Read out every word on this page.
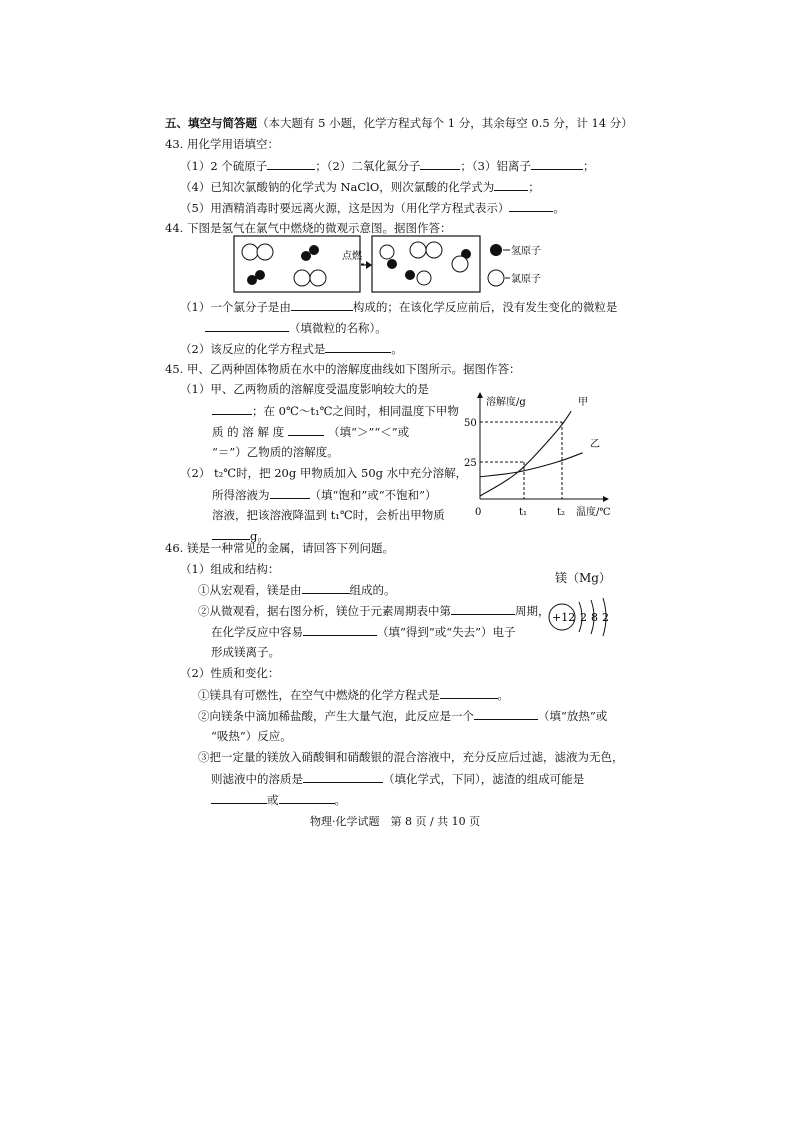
五、填空与简答题（本大题有 5 小题，化学方程式每个 1 分，其余每空 0.5 分，计 14 分）
43. 用化学用语填空：
（1）2 个硫原子	；（2）二氧化氮分子	；（3）铝离子	；
（4）已知次氯酸钠的化学式为 NaClO，则次氯酸的化学式为	；
（5）用酒精消毒时要远离火源，这是因为（用化学方程式表示）	。
44. 下图是氢气在氯气中燃烧的微观示意图。据图作答：
点燃	氢原子
氯原子
（1）一个氯分子是由	构成的；在该化学反应前后，没有发生变化的微粒是
（填微粒的名称）。
（2）该反应的化学方程式是	。
45. 甲、乙两种固体物质在水中的溶解度曲线如下图所示。据图作答：
（1）甲、乙两物质的溶解度受温度影响较大的是
；在 0℃～t₁℃之间时，相同温度下甲物
质 的 溶 解 度	（填“＞”“＜”或
“＝”）乙物质的溶解度。
（2） t₂℃时，把 20g 甲物质加入 50g 水中充分溶解，
所得溶液为	（填“饱和”或“不饱和”）
溶液，把该溶液降温到 t₁℃时，会析出甲物质
g。
溶解度/g
温度/℃
0
50
25
t₁	t₂
甲
乙
46. 镁是一种常见的金属，请回答下列问题。
（1）组成和结构：
①从宏观看，镁是由	组成的。
②从微观看，据右图分析，镁位于元素周期表中第	周期，
在化学反应中容易	（填“得到”或“失去”）电子
形成镁离子。
镁（Mg）
+12 2 8 2
（2）性质和变化：
①镁具有可燃性，在空气中燃烧的化学方程式是	。
②向镁条中滴加稀盐酸，产生大量气泡，此反应是一个	（填“放热”或
“吸热”）反应。
③把一定量的镁放入硝酸铜和硝酸银的混合溶液中，充分反应后过滤，滤液为无色，
则滤液中的溶质是	（填化学式，下同），滤渣的组成可能是
或	。
物理·化学试题　第 8 页 / 共 10 页
